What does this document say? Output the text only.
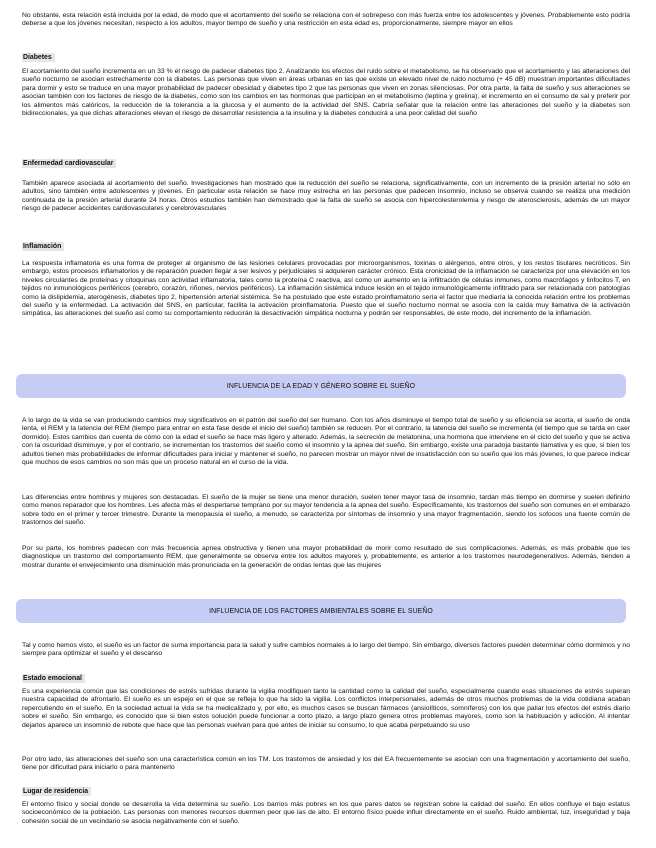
No obstante, esta relación está incluida por la edad, de modo que el acortamiento del sueño se relaciona con el sobrepeso con más fuerza entre los adolescentes y jóvenes. Probablemente esto podría deberse a que los jóvenes necesitan, respecto a los adultos, mayor tiempo de sueño y una restricción en esta edad es, proporcionalmente, siempre mayor en ellos

Diabetes

El acortamiento del sueño incrementa en un 33 % el riesgo de padecer diabetes tipo 2. Analizando los efectos del ruido sobre el metabolismo, se ha observado que el acortamiento y las alteraciones del sueño nocturno se asocian estrechamente con la diabetes. Las personas que viven en áreas urbanas en las que existe un elevado nivel de ruido nocturno (+ 45 dB) muestran importantes dificultades para dormir y esto se traduce en una mayor probabilidad de padecer obesidad y diabetes tipo 2 que las personas que viven en zonas silenciosas. Por otra parte, la falta de sueño y sus alteraciones se asocian también con los factores de riesgo de la diabetes, como son los cambios en las hormonas que participan en el metabolismo (leptina y grelina), el incremento en el consumo de sal y preferir por los alimentos más calóricos, la reducción de la tolerancia a la glucosa y el aumento de la actividad del SNS. Cabría señalar que la relación entre las alteraciones del sueño y la diabetes son bidireccionales, ya que dichas alteraciones elevan el riesgo de desarrollar resistencia a la insulina y la diabetes conducirá a una peor calidad del sueño

Enfermedad cardiovascular

También aparece asociada al acortamiento del sueño. Investigaciones han mostrado que la reducción del sueño se relaciona, significativamente, con un incremento de la presión arterial no sólo en adultos, sino también entre adolescentes y jóvenes. En particular esta relación se hace muy estrecha en las personas que padecen insomnio, incluso se observa cuando se realiza una medición continuada de la presión arterial durante 24 horas. Otros estudios también han demostrado que la falta de sueño se asocia con hipercolesterolemia y riesgo de aterosclerosis, además de un mayor riesgo de padecer accidentes cardiovasculares y cerebrovasculares

Inflamación

La respuesta inflamatoria es una forma de proteger al organismo de las lesiones celulares provocadas por microorganismos, toxinas o alérgenos, entre otros, y los restos tisulares necróticos. Sin embargo, estos procesos inflamatorios y de reparación pueden llegar a ser lesivos y perjudiciales si adquieren carácter crónico. Esta cronicidad de la inflamación se caracteriza por una elevación en los niveles circulantes de proteínas y citoquinas con actividad inflamatoria, tales como la proteína C reactiva, así como un aumento en la infiltración de células inmunes, como macrófagos y linfocitos T, en tejidos no inmunológicos periféricos (cerebro, corazón, riñones, nervios periféricos). La inflamación sistémica induce lesión en el tejido inmunológicamente infiltrado para ser relacionada con patologías como la dislipidemia, aterogénesis, diabetes tipo 2, hipertensión arterial sistémica. Se ha postulado que este estado proinflamatorio sería el factor que mediaría la conocida relación entre los problemas del sueño y la enfermedad. La activación del SNS, en particular, facilita la activación proinflamatoria. Puesto que el sueño nocturno normal se asocia con la caída muy llamativa de la activación simpática, las alteraciones del sueño así como su comportamiento reducirán la desactivación simpática nocturna y podrán ser responsables, de este modo, del incremento de la inflamación.

INFLUENCIA DE LA EDAD Y GÉNERO SOBRE EL SUEÑO

A lo largo de la vida se van produciendo cambios muy significativos en el patrón del sueño del ser humano. Con los años disminuye el tiempo total de sueño y su eficiencia se acorta, el sueño de onda lenta, el REM y la latencia del REM (tiempo para entrar en esta fase desde el inicio del sueño) también se reducen. Por el contrario, la latencia del sueño se incrementa (el tiempo que se tarda en caer dormido). Estos cambios dan cuenta de cómo con la edad el sueño se hace más ligero y alterado. Además, la secreción de melatonina, una hormona que interviene en el ciclo del sueño y que se activa con la oscuridad disminuye, y por el contrario, se incrementan los trastornos del sueño como el insomnio y la apnea del sueño. Sin embargo, existe una paradoja bastante llamativa y es que, si bien los adultos tienen más probabilidades de informar dificultades para iniciar y mantener el sueño, no parecen mostrar un mayor nivel de insatisfacción con su sueño que los más jóvenes, lo que parece indicar que muchos de esos cambios no son más que un proceso natural en el curso de la vida.

Las diferencias entre hombres y mujeres son destacadas. El sueño de la mujer se tiene una menor duración, suelen tener mayor tasa de insomnio, tardan más tiempo en dormirse y suelen definirlo como menos reparador que los hombres. Les afecta más el despertarse temprano por su mayor tendencia a la apnea del sueño. Específicamente, los trastornos del sueño son comunes en el embarazo sobre todo en el primer y tercer trimestre. Durante la menopausia el sueño, a menudo, se caracteriza por síntomas de insomnio y una mayor fragmentación, siendo los sofocos una fuente común de trastornos del sueño.

Por su parte, los hombres padecen con más frecuencia apnea obstructiva y tienen una mayor probabilidad de morir como resultado de sus complicaciones. Además, es más probable que les diagnostique un trastorno del comportamiento REM, que generalmente se observa entre los adultos mayores y, probablemente, es anterior a los trastornos neurodegenerativos. Además, tienden a mostrar durante el envejecimiento una disminución más pronunciada en la generación de ondas lentas que las mujeres

INFLUENCIA DE LOS FACTORES AMBIENTALES SOBRE EL SUEÑO

Tal y como hemos visto, el sueño es un factor de suma importancia para la salud y sufre cambios normales a lo largo del tiempo. Sin embargo, diversos factores pueden determinar cómo dormimos y no siempre para optimizar el sueño y el descanso

Estado emocional

Es una experiencia común que las condiciones de estrés sufridas durante la vigilia modifiquen tanto la cantidad como la calidad del sueño, especialmente cuando esas situaciones de estrés superan nuestra capacidad de afrontarlo. El sueño es un espejo en el que se refleja lo que ha sido la vigilia. Los conflictos interpersonales, además de otros muchos problemas de la vida cotidiana acaban repercutiendo en el sueño. En la sociedad actual la vida se ha medicalizado y, por ello, es muchos casos se buscan fármacos (ansiolíticos, somníferos) con los que paliar los efectos del estrés diario sobre el sueño. Sin embargo, es conocido que si bien estos solución puede funcionar a corto plazo, a largo plazo genera otros problemas mayores, como son la habituación y adicción. Al intentar dejarlos aparece un insomnio de rebote que hace que las personas vuelvan para que antes de iniciar su consumo, lo que acaba perpetuando su uso

Por otro lado, las alteraciones del sueño son una característica común en los TM. Los trastornos de ansiedad y los del EA frecuentemente se asocian con una fragmentación y acortamiento del sueño, tiene por dificultad para iniciarlo o para mantenerlo

Lugar de residencia

El entorno físico y social donde se desarrolla la vida determina su sueño. Los barrios más pobres en los que pares datos se registran sobre la calidad del sueño. En ellos confluye el bajo estatus socioeconómico de la población. Las personas con menores recursos duermen peor que las de alto. El entorno físico puede influir directamente en el sueño. Ruido ambiental, luz, inseguridad y baja cohesión social de un vecindario se asocia negativamente con el sueño.
